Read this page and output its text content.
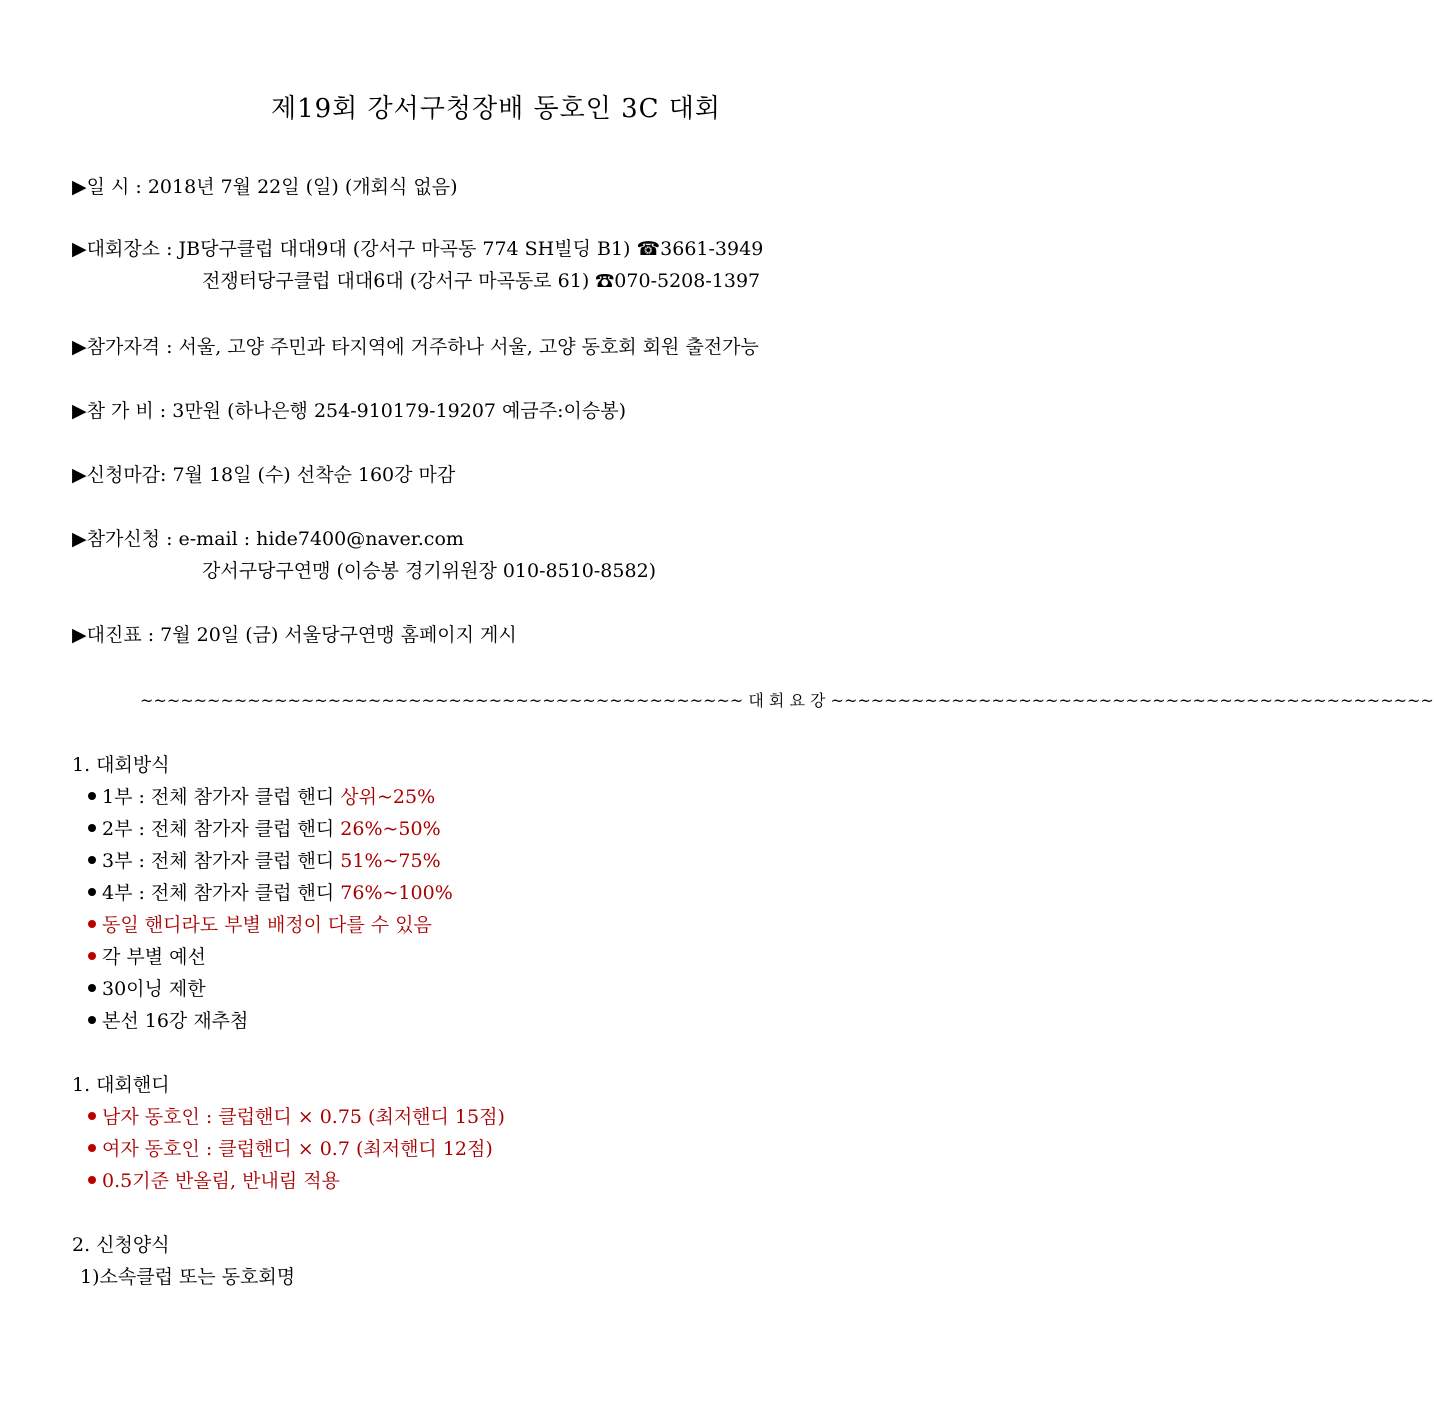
제19회 강서구청장배 동호인 3C 대회
▶일 시 : 2018년 7월 22일 (일) (개회식 없음)
▶대회장소 : JB당구클럽 대대9대 (강서구 마곡동 774 SH빌딩 B1) ☎3661-3949
전쟁터당구클럽 대대6대 (강서구 마곡동로 61) ☎070-5208-1397
▶참가자격 : 서울, 고양 주민과 타지역에 거주하나 서울, 고양 동호회 회원 출전가능
▶참 가 비 : 3만원 (하나은행 254-910179-19207 예금주:이승봉)
▶신청마감: 7월 18일 (수) 선착순 160강 마감
▶참가신청 : e-mail : hide7400@naver.com
강서구당구연맹 (이승봉 경기위원장 010-8510-8582)
▶대진표 : 7월 20일 (금) 서울당구연맹 홈페이지 게시
~~~~~~~~~~~~~~~~~~~~~~~~~~~~~~~~~~~~~~~~~~~~~ 대 회 요 강 ~~~~~~~~~~~~~~~~~~~~~~~~~~~~~~~~~~~~~~~~~~~~~
1. 대회방식
1부 : 전체 참가자 클럽 핸디 상위~25%
2부 : 전체 참가자 클럽 핸디 26%~50%
3부 : 전체 참가자 클럽 핸디 51%~75%
4부 : 전체 참가자 클럽 핸디 76%~100%
동일 핸디라도 부별 배정이 다를 수 있음
각 부별 예선
30이닝 제한
본선 16강 재추첨
1. 대회핸디
남자 동호인 : 클럽핸디 × 0.75 (최저핸디 15점)
여자 동호인 : 클럽핸디 × 0.7 (최저핸디 12점)
0.5기준 반올림, 반내림 적용
2. 신청양식
1)소속클럽 또는 동호회명
